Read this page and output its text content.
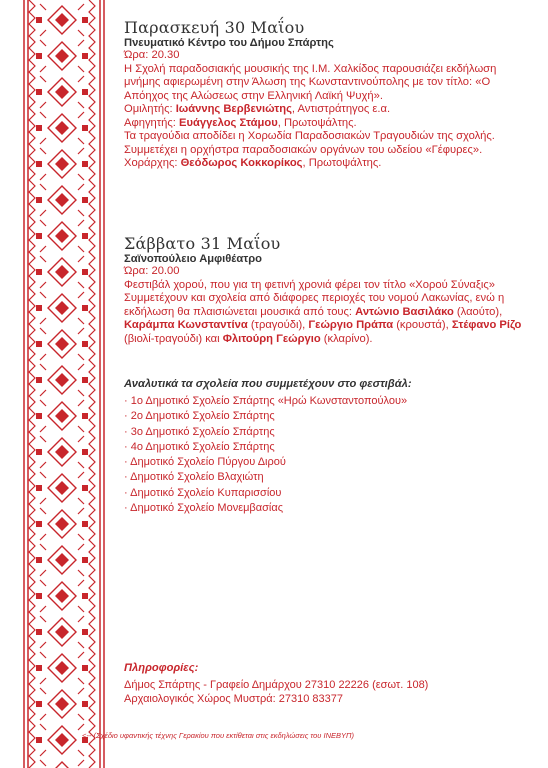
Παρασκευή 30 Μαΐου

Πνευματικό Κέντρο του Δήμου Σπάρτης

Ώρα: 20.30

Η Σχολή παραδοσιακής μουσικής της Ι.Μ. Χαλκίδος παρουσιάζει εκδήλωση μνήμης αφιερωμένη στην Άλωση της Κωνσταντινούπολης με τον τίτλο: «Ο Απόηχος της Αλώσεως στην Ελληνική Λαϊκή Ψυχή».

Ομιλητής: Ιωάννης Βερβενιώτης, Αντιστράτηγος ε.α.

Αφηγητής: Ευάγγελος Στάμου, Πρωτοψάλτης.

Τα τραγούδια αποδίδει η Χορωδία Παραδοσιακών Τραγουδιών της σχολής.

Συμμετέχει η ορχήστρα παραδοσιακών οργάνων του ωδείου «Γέφυρες».

Χοράρχης: Θεόδωρος Κοκκορίκος, Πρωτοψάλτης.

Σάββατο 31 Μαΐου

Σαϊνοπούλειο Αμφιθέατρο

Ώρα: 20.00

Φεστιβάλ χορού, που για τη φετινή χρονιά φέρει τον τίτλο «Χορού Σύναξις» Συμμετέχουν και σχολεία από διάφορες περιοχές του νομού Λακωνίας, ενώ η εκδήλωση θα πλαισιώνεται μουσικά από τους: Αντώνιο Βασιλάκο (λαούτο), Καράμπα Κωνσταντίνα (τραγούδι), Γεώργιο Πράπα (κρουστά), Στέφανο Ρίζο (βιολί-τραγούδι) και Φλιτούρη Γεώργιο (κλαρίνο).

Αναλυτικά τα σχολεία που συμμετέχουν στο φεστιβάλ:
· 1ο Δημοτικό Σχολείο Σπάρτης «Ηρώ Κωνσταντοπούλου»
· 2ο Δημοτικό Σχολείο Σπάρτης
· 3ο Δημοτικό Σχολείο Σπάρτης
· 4ο Δημοτικό Σχολείο Σπάρτης
· Δημοτικό Σχολείο Πύργου Διρού
· Δημοτικό Σχολείο Βλαχιώτη
· Δημοτικό Σχολείο Κυπαρισσίου
· Δημοτικό Σχολείο Μονεμβασίας

Πληροφορίες:

Δήμος Σπάρτης - Γραφείο Δημάρχου 27310 22226 (εσωτ. 108)

Αρχαιολογικός Χώρος Μυστρά: 27310 83377

<-- (Σχέδιο υφαντικής τέχνης Γερακίου που εκτίθεται στις εκδηλώσεις του ΙΝΕΒΥΠ)
